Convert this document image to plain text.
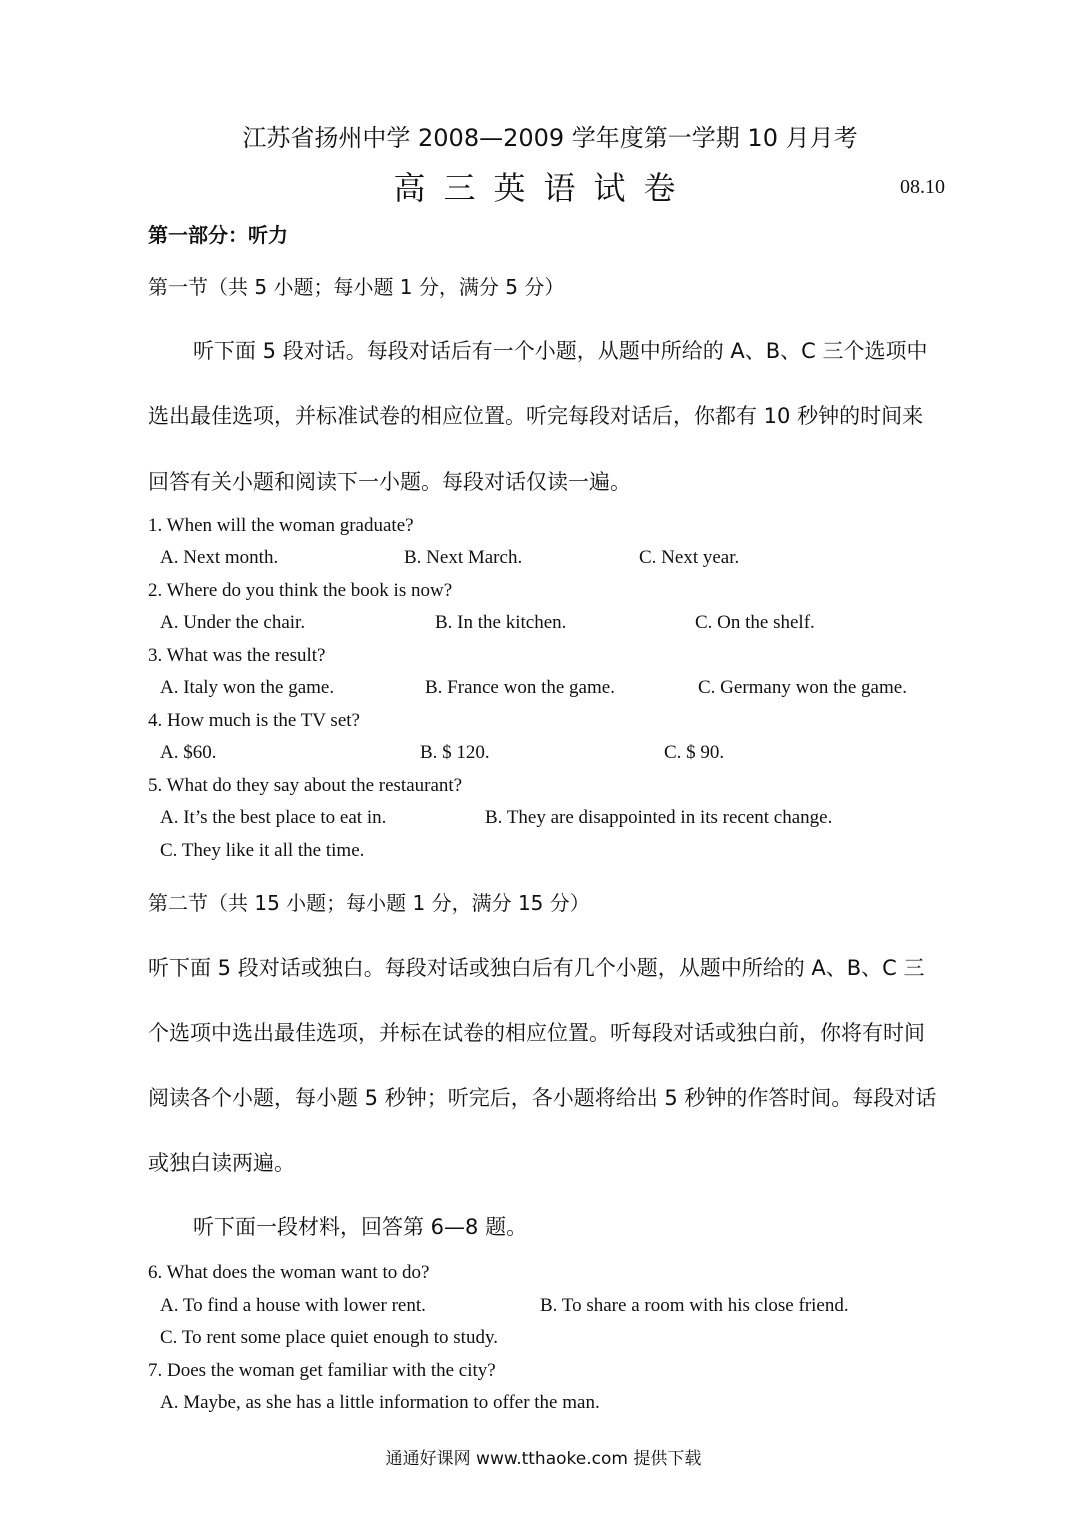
江苏省扬州中学 2008—2009 学年度第一学期 10 月月考
高三英语试卷	08.10
第一部分：听力
第一节（共 5 小题；每小题 1 分，满分 5 分）
听下面 5 段对话。每段对话后有一个小题，从题中所给的 A、B、C 三个选项中
选出最佳选项，并标准试卷的相应位置。听完每段对话后，你都有 10 秒钟的时间来
回答有关小题和阅读下一小题。每段对话仅读一遍。
1. When will the woman graduate?
A. Next month.	B. Next March.	C. Next year.
2. Where do you think the book is now?
A. Under the chair.	B. In the kitchen.	C. On the shelf.
3. What was the result?
A. Italy won the game.	B. France won the game.	C. Germany won the game.
4. How much is the TV set?
A. $60.	B. $ 120.	C. $ 90.
5. What do they say about the restaurant?
A. It’s the best place to eat in.	B. They are disappointed in its recent change.
C. They like it all the time.
第二节（共 15 小题；每小题 1 分，满分 15 分）
听下面 5 段对话或独白。每段对话或独白后有几个小题，从题中所给的 A、B、C 三
个选项中选出最佳选项，并标在试卷的相应位置。听每段对话或独白前，你将有时间
阅读各个小题，每小题 5 秒钟；听完后，各小题将给出 5 秒钟的作答时间。每段对话
或独白读两遍。
听下面一段材料，回答第 6—8 题。
6. What does the woman want to do?
A. To find a house with lower rent.	B. To share a room with his close friend.
C. To rent some place quiet enough to study.
7. Does the woman get familiar with the city?
A. Maybe, as she has a little information to offer the man.
通通好课网 www.tthaoke.com 提供下载
